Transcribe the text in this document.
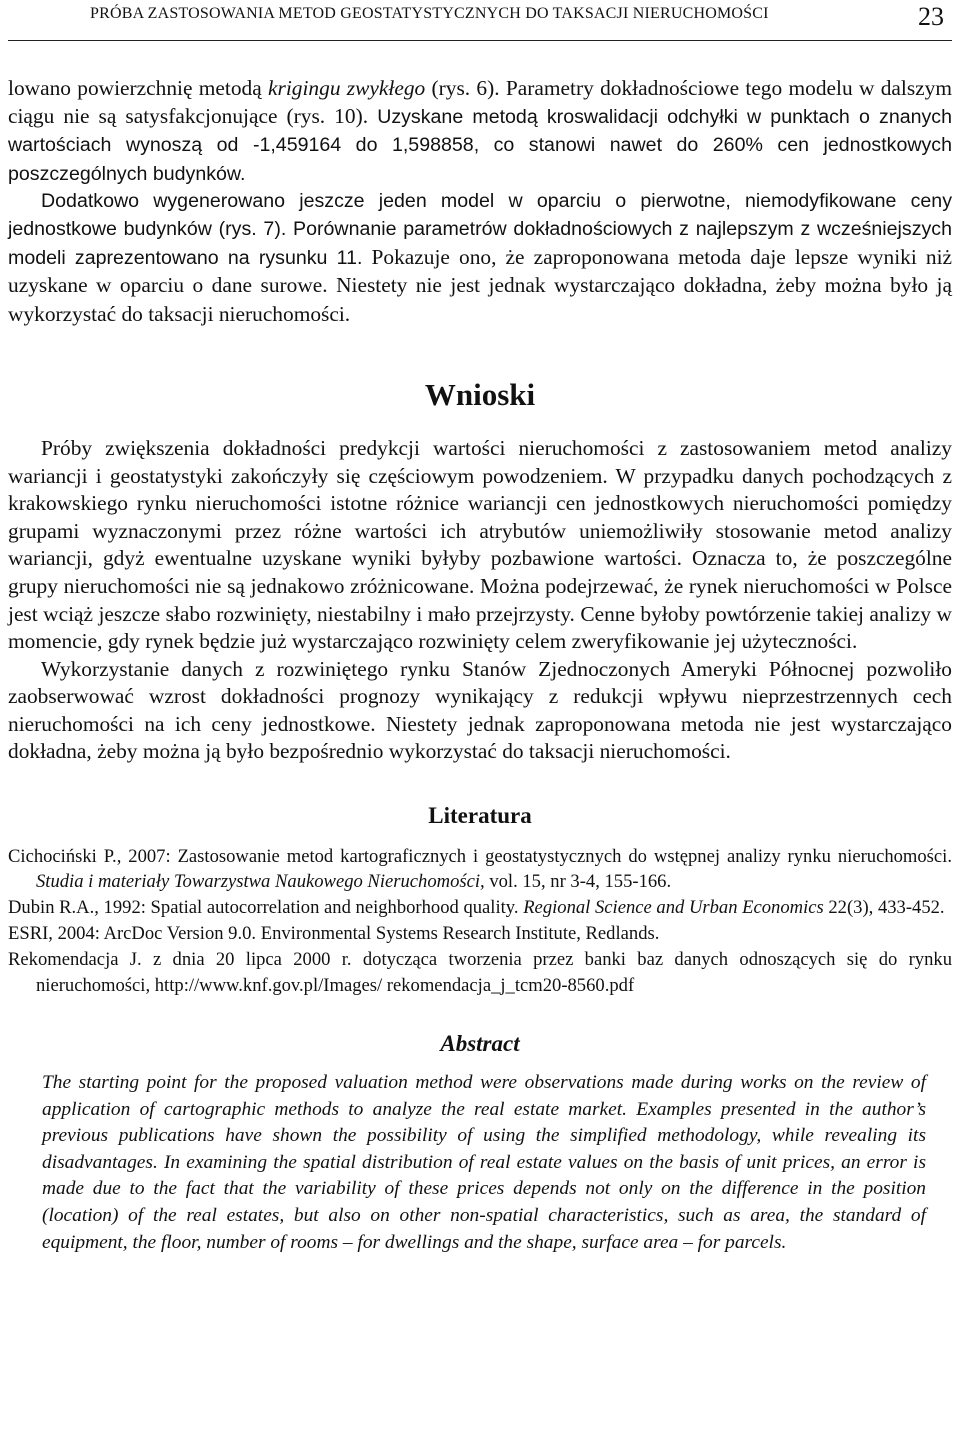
PRÓBA ZASTOSOWANIA METOD GEOSTATYSTYCZNYCH DO TAKSACJI NIERUCHOMOŚCI	23

lowano powierzchnię metodą krigingu zwykłego (rys. 6). Parametry dokładnościowe tego modelu w dalszym ciągu nie są satysfakcjonujące (rys. 10). Uzyskane metodą kroswalidacji odchyłki w punktach o znanych wartościach wynoszą od -1,459164 do 1,598858, co stanowi nawet do 260% cen jednostkowych poszczególnych budynków.

Dodatkowo wygenerowano jeszcze jeden model w oparciu o pierwotne, niemodyfikowane ceny jednostkowe budynków (rys. 7). Porównanie parametrów dokładnościowych z najlepszym z wcześniejszych modeli zaprezentowano na rysunku 11. Pokazuje ono, że zaproponowana metoda daje lepsze wyniki niż uzyskane w oparciu o dane surowe. Niestety nie jest jednak wystarczająco dokładna, żeby można było ją wykorzystać do taksacji nieruchomości.

Wnioski

Próby zwiększenia dokładności predykcji wartości nieruchomości z zastosowaniem metod analizy wariancji i geostatystyki zakończyły się częściowym powodzeniem. W przypadku danych pochodzących z krakowskiego rynku nieruchomości istotne różnice wariancji cen jednostkowych nieruchomości pomiędzy grupami wyznaczonymi przez różne wartości ich atrybutów uniemożliwiły stosowanie metod analizy wariancji, gdyż ewentualne uzyskane wyniki byłyby pozbawione wartości. Oznacza to, że poszczególne grupy nieruchomości nie są jednakowo zróżnicowane. Można podejrzewać, że rynek nieruchomości w Polsce jest wciąż jeszcze słabo rozwinięty, niestabilny i mało przejrzysty. Cenne byłoby powtórzenie takiej analizy w momencie, gdy rynek będzie już wystarczająco rozwinięty celem zweryfikowanie jej użyteczności.

Wykorzystanie danych z rozwiniętego rynku Stanów Zjednoczonych Ameryki Północnej pozwoliło zaobserwować wzrost dokładności prognozy wynikający z redukcji wpływu nieprzestrzennych cech nieruchomości na ich ceny jednostkowe. Niestety jednak zaproponowana metoda nie jest wystarczająco dokładna, żeby można ją było bezpośrednio wykorzystać do taksacji nieruchomości.

Literatura

Cichociński P., 2007: Zastosowanie metod kartograficznych i geostatystycznych do wstępnej analizy rynku nieruchomości. Studia i materiały Towarzystwa Naukowego Nieruchomości, vol. 15, nr 3-4, 155-166.

Dubin R.A., 1992: Spatial autocorrelation and neighborhood quality. Regional Science and Urban Economics 22(3), 433-452.

ESRI, 2004: ArcDoc Version 9.0. Environmental Systems Research Institute, Redlands.

Rekomendacja J. z dnia 20 lipca 2000 r. dotycząca tworzenia przez banki baz danych odnoszących się do rynku nieruchomości, http://www.knf.gov.pl/Images/ rekomendacja_j_tcm20-8560.pdf

Abstract

The starting point for the proposed valuation method were observations made during works on the review of application of cartographic methods to analyze the real estate market. Examples presented in the author’s previous publications have shown the possibility of using the simplified methodology, while revealing its disadvantages. In examining the spatial distribution of real estate values on the basis of unit prices, an error is made due to the fact that the variability of these prices depends not only on the difference in the position (location) of the real estates, but also on other non-spatial characteristics, such as area, the standard of equipment, the floor, number of rooms – for dwellings and the shape, surface area – for parcels.
